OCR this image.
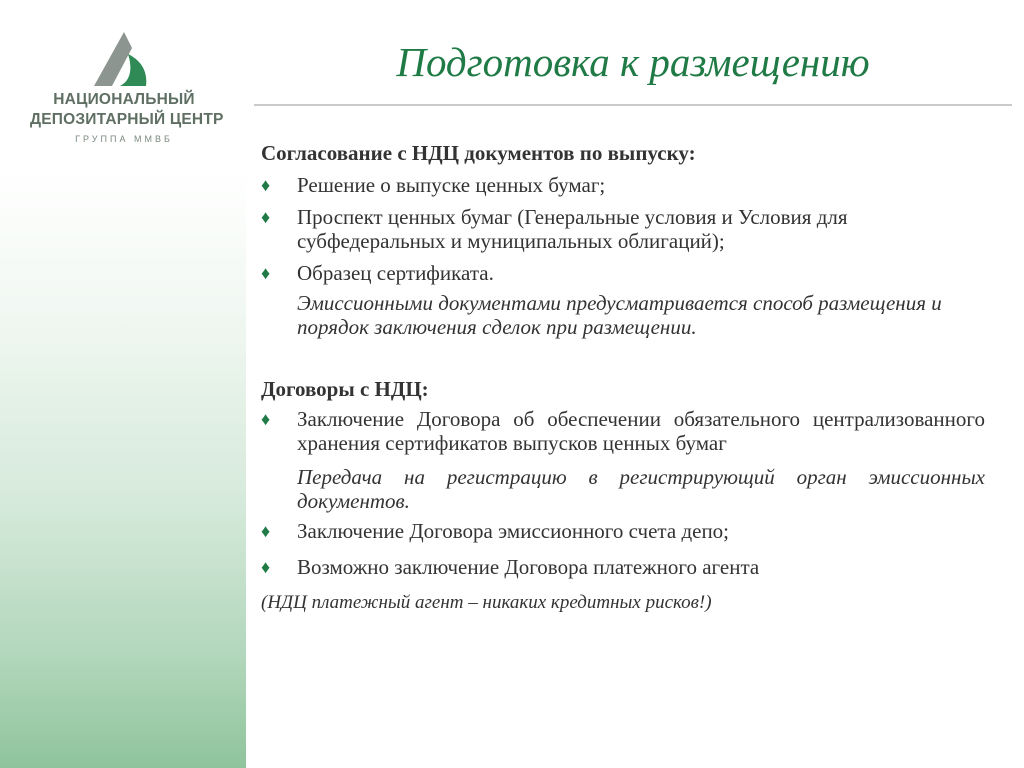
НАЦИОНАЛЬНЫЙ
ДЕПОЗИТАРНЫЙ ЦЕНТР
ГРУППА ММВБ
Подготовка к размещению
Согласование с НДЦ документов по выпуску:
♦ Решение о выпуске ценных бумаг;
♦ Проспект ценных бумаг (Генеральные условия и Условия для субфедеральных и муниципальных облигаций);
♦ Образец сертификата.
Эмиссионными документами предусматривается способ размещения и порядок заключения сделок при размещении.
Договоры с НДЦ:
♦ Заключение Договора об обеспечении обязательного централизованного хранения сертификатов выпусков ценных бумаг
Передача на регистрацию в регистрирующий орган эмиссионных документов.
♦ Заключение Договора эмиссионного счета депо;
♦ Возможно заключение Договора платежного агента
(НДЦ платежный агент – никаких кредитных рисков!)
